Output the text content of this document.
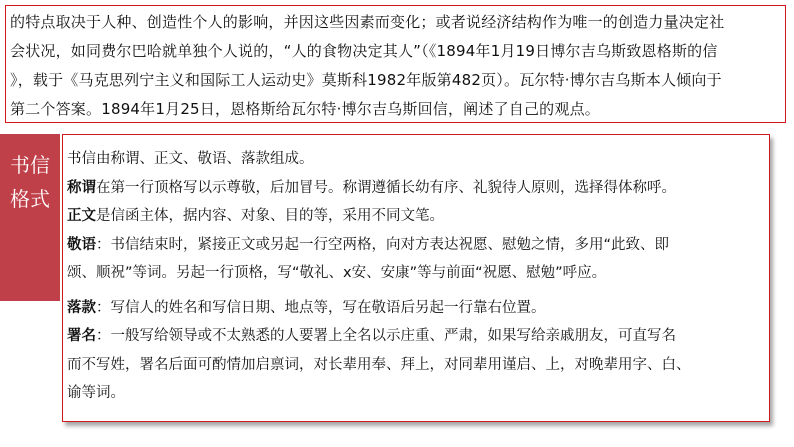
的特点取决于人种、创造性个人的影响，并因这些因素而变化；或者说经济结构作为唯一的创造力量决定社
会状况，如同费尔巴哈就单独个人说的，“人的食物决定其人”（《1894年1月19日博尔吉乌斯致恩格斯的信
》，载于《马克思列宁主义和国际工人运动史》莫斯科1982年版第482页）。瓦尔特·博尔吉乌斯本人倾向于
第二个答案。1894年1月25日，恩格斯给瓦尔特·博尔吉乌斯回信，阐述了自己的观点。
书信
格式
书信由称谓、正文、敬语、落款组成。
称谓在第一行顶格写以示尊敬，后加冒号。称谓遵循长幼有序、礼貌待人原则，选择得体称呼。
正文是信函主体，据内容、对象、目的等，采用不同文笔。
敬语：书信结束时，紧接正文或另起一行空两格，向对方表达祝愿、慰勉之情，多用“此致、即
颂、顺祝”等词。另起一行顶格，写“敬礼、x安、安康”等与前面“祝愿、慰勉”呼应。
落款：写信人的姓名和写信日期、地点等，写在敬语后另起一行靠右位置。
署名：一般写给领导或不太熟悉的人要署上全名以示庄重、严肃，如果写给亲戚朋友，可直写名
而不写姓，署名后面可酌情加启禀词，对长辈用奉、拜上，对同辈用谨启、上，对晚辈用字、白、
谕等词。
